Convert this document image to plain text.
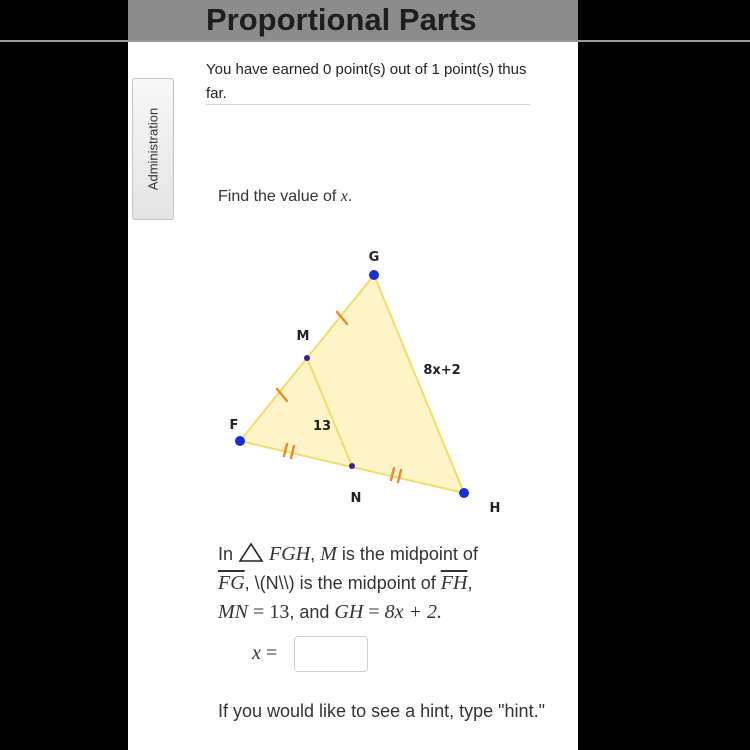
Proportional Parts
Administration
You have earned 0 point(s) out of 1 point(s) thus far.
Find the value of x.
G
M
F
N
H
13
8x+2
In FGH, M is the midpoint of
$\overline{FG}$, \(N\\) is the midpoint of $\overline{FH}$,
MN = 13, and GH = 8x + 2.
x =
If you would like to see a hint, type "hint."
